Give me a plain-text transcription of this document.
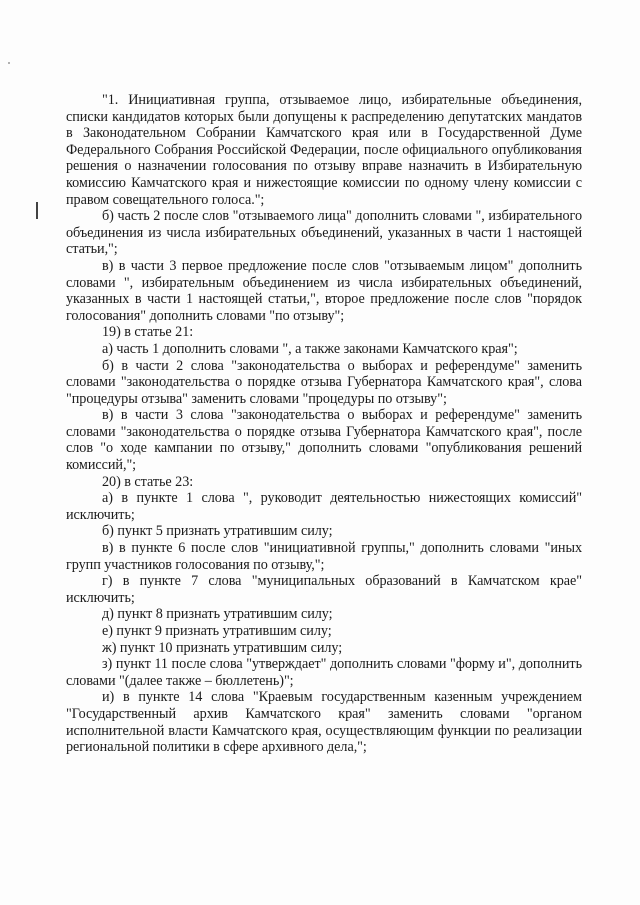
"1. Инициативная группа, отзываемое лицо, избирательные объединения, списки кандидатов которых были допущены к распределению депутатских мандатов в Законодательном Собрании Камчатского края или в Государственной Думе Федерального Собрания Российской Федерации, после официального опубликования решения о назначении голосования по отзыву вправе назначить в Избирательную комиссию Камчатского края и нижестоящие комиссии по одному члену комиссии с правом совещательного голоса.";

б) часть 2 после слов "отзываемого лица" дополнить словами ", избирательного объединения из числа избирательных объединений, указанных в части 1 настоящей статьи,";

в) в части 3 первое предложение после слов "отзываемым лицом" дополнить словами ", избирательным объединением из числа избирательных объединений, указанных в части 1 настоящей статьи,", второе предложение после слов "порядок голосования" дополнить словами "по отзыву";

19) в статье 21:

а) часть 1 дополнить словами ", а также законами Камчатского края";

б) в части 2 слова "законодательства о выборах и референдуме" заменить словами "законодательства о порядке отзыва Губернатора Камчатского края", слова "процедуры отзыва" заменить словами "процедуры по отзыву";

в) в части 3 слова "законодательства о выборах и референдуме" заменить словами "законодательства о порядке отзыва Губернатора Камчатского края", после слов "о ходе кампании по отзыву," дополнить словами "опубликования решений комиссий,";

20) в статье 23:

а) в пункте 1 слова ", руководит деятельностью нижестоящих комиссий" исключить;

б) пункт 5 признать утратившим силу;

в) в пункте 6 после слов "инициативной группы," дополнить словами "иных групп участников голосования по отзыву,";

г) в пункте 7 слова "муниципальных образований в Камчатском крае" исключить;

д) пункт 8 признать утратившим силу;

е) пункт 9 признать утратившим силу;

ж) пункт 10 признать утратившим силу;

з) пункт 11 после слова "утверждает" дополнить словами "форму и", дополнить словами "(далее также – бюллетень)";

и) в пункте 14 слова "Краевым государственным казенным учреждением "Государственный архив Камчатского края" заменить словами "органом исполнительной власти Камчатского края, осуществляющим функции по реализации региональной политики в сфере архивного дела,";
